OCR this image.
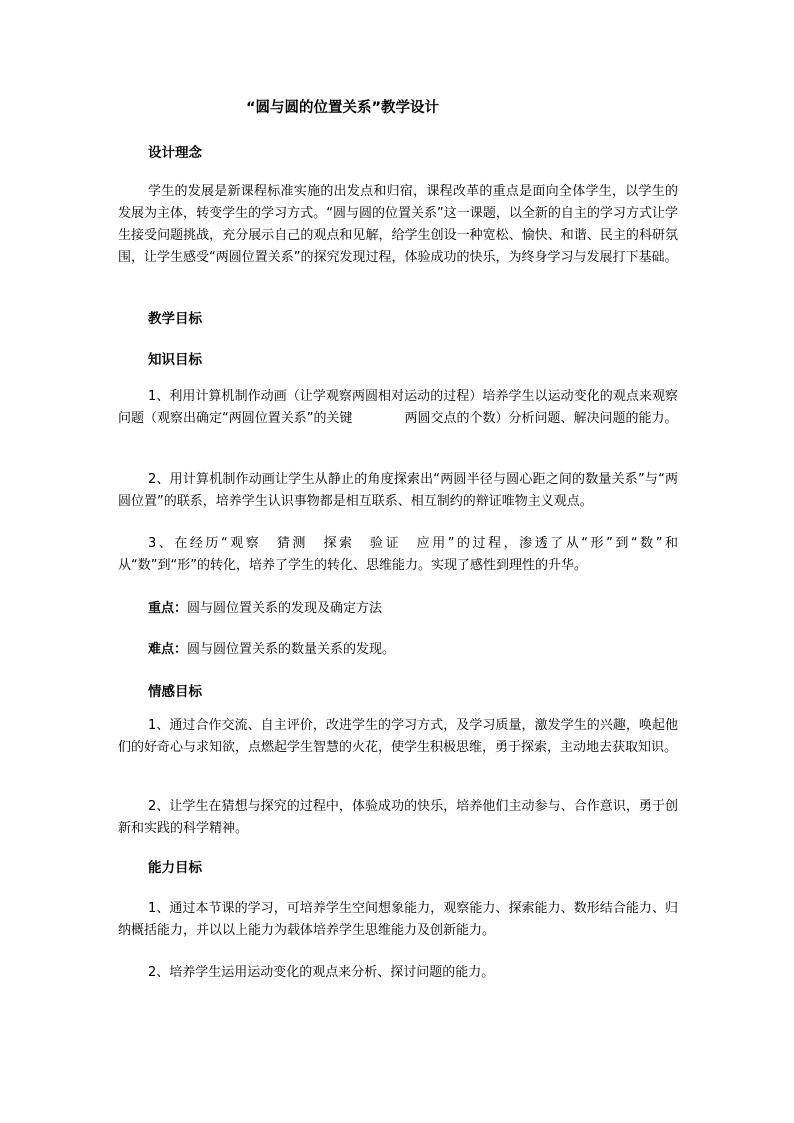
“圆与圆的位置关系”教学设计
设计理念
学生的发展是新课程标准实施的出发点和归宿，课程改革的重点是面向全体学生，以学生的发展为主体，转变学生的学习方式。“圆与圆的位置关系”这一课题，以全新的自主的学习方式让学生接受问题挑战，充分展示自己的观点和见解，给学生创设一种宽松、愉快、和谐、民主的科研氛围，让学生感受“两圆位置关系”的探究发现过程，体验成功的快乐，为终身学习与发展打下基础。
教学目标
知识目标
1、利用计算机制作动画（让学观察两圆相对运动的过程）培养学生以运动变化的观点来观察问题（观察出确定“两圆位置关系”的关键　　　　两圆交点的个数）分析问题、解决问题的能力。
2、用计算机制作动画让学生从静止的角度探索出“两圆半径与圆心距之间的数量关系”与“两圆位置”的联系，培养学生认识事物都是相互联系、相互制约的辩证唯物主义观点。
3、在经历“观察　猜测　探索　验证　应用”的过程，渗透了从“形”到“数”和从“数”到“形”的转化，培养了学生的转化、思维能力。实现了感性到理性的升华。
重点：圆与圆位置关系的发现及确定方法
难点：圆与圆位置关系的数量关系的发现。
情感目标
1、通过合作交流、自主评价，改进学生的学习方式，及学习质量，激发学生的兴趣，唤起他们的好奇心与求知欲，点燃起学生智慧的火花，使学生积极思维，勇于探索，主动地去获取知识。
2、让学生在猜想与探究的过程中，体验成功的快乐，培养他们主动参与、合作意识，勇于创新和实践的科学精神。
能力目标
1、通过本节课的学习，可培养学生空间想象能力，观察能力、探索能力、数形结合能力、归纳概括能力，并以以上能力为载体培养学生思维能力及创新能力。
2、培养学生运用运动变化的观点来分析、探讨问题的能力。
